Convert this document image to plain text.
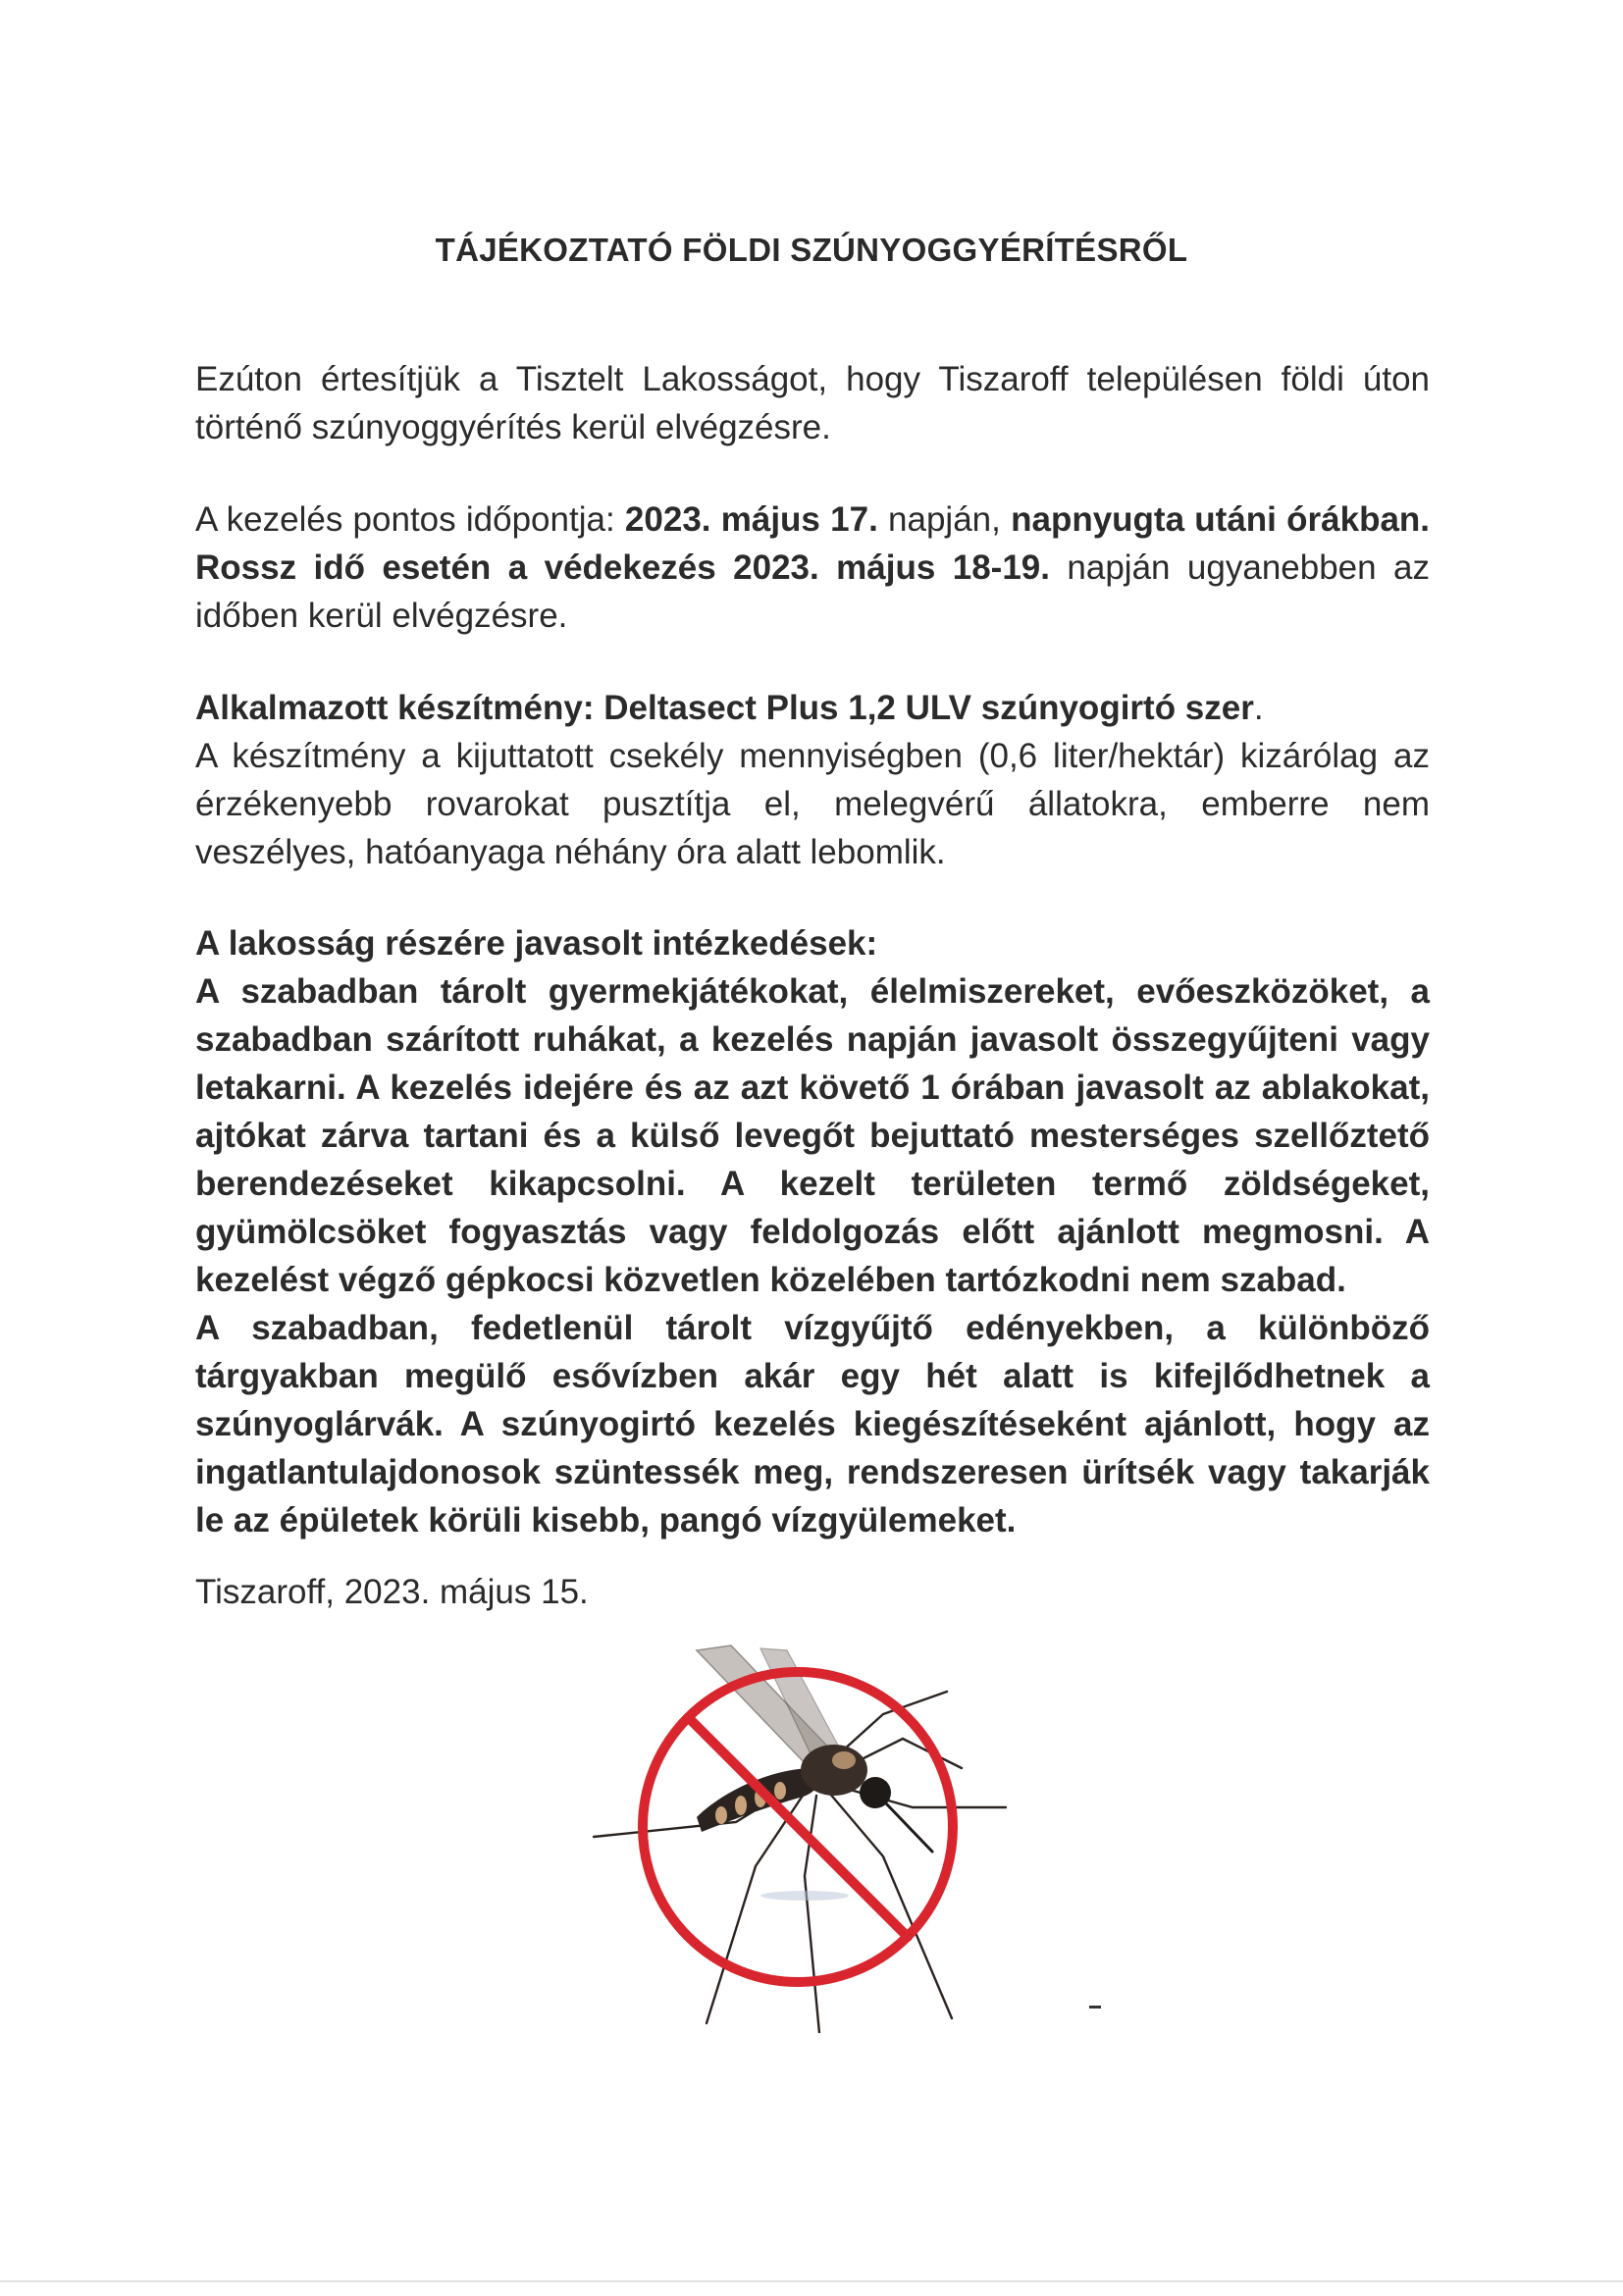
TÁJÉKOZTATÓ FÖLDI SZÚNYOGGYÉRÍTÉSRŐL

Ezúton értesítjük a Tisztelt Lakosságot, hogy Tiszaroff településen földi úton

történő szúnyoggyérítés kerül elvégzésre.

A kezelés pontos időpontja: 2023. május 17. napján, napnyugta utáni órákban. Rossz idő esetén a védekezés 2023. május 18-19. napján ugyanebben az időben kerül elvégzésre.

Alkalmazott készítmény: Deltasect Plus 1,2 ULV szúnyogirtó szer.

A készítmény a kijuttatott csekély mennyiségben (0,6 liter/hektár) kizárólag az érzékenyebb rovarokat pusztítja el, melegvérű állatokra, emberre nem veszélyes, hatóanyaga néhány óra alatt lebomlik.

A lakosság részére javasolt intézkedések:

A szabadban tárolt gyermekjátékokat, élelmiszereket, evőeszközöket, a szabadban szárított ruhákat, a kezelés napján javasolt összegyűjteni vagy letakarni. A kezelés idejére és az azt követő 1 órában javasolt az ablakokat, ajtókat zárva tartani és a külső levegőt bejuttató mesterséges szellőztető berendezéseket kikapcsolni. A kezelt területen termő zöldségeket, gyümölcsöket fogyasztás vagy feldolgozás előtt ajánlott megmosni. A kezelést végző gépkocsi közvetlen közelében tartózkodni nem szabad.

A szabadban, fedetlenül tárolt vízgyűjtő edényekben, a különböző tárgyakban megülő esővízben akár egy hét alatt is kifejlődhetnek a szúnyoglárvák. A szúnyogirtó kezelés kiegészítéseként ajánlott, hogy az ingatlantulajdonosok szüntessék meg, rendszeresen ürítsék vagy takarják le az épületek körüli kisebb, pangó vízgyülemeket.

Tiszaroff, 2023. május 15.
